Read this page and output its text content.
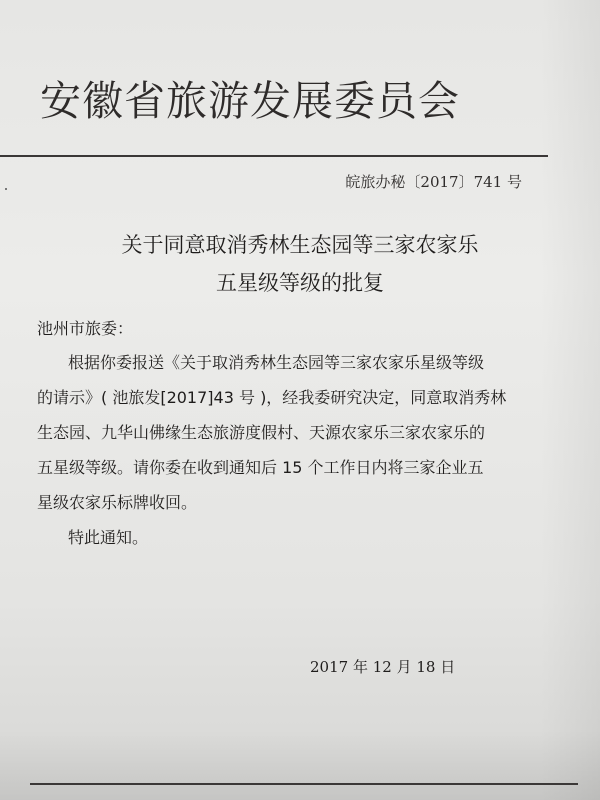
安徽省旅游发展委员会
皖旅办秘〔2017〕741 号
关于同意取消秀林生态园等三家农家乐
五星级等级的批复
池州市旅委：
根据你委报送《关于取消秀林生态园等三家农家乐星级等级
的请示》( 池旅发[2017]43 号 )，经我委研究决定，同意取消秀林
生态园、九华山佛缘生态旅游度假村、天源农家乐三家农家乐的
五星级等级。请你委在收到通知后 15 个工作日内将三家企业五
星级农家乐标牌收回。
特此通知。
2017 年 12 月 18 日
